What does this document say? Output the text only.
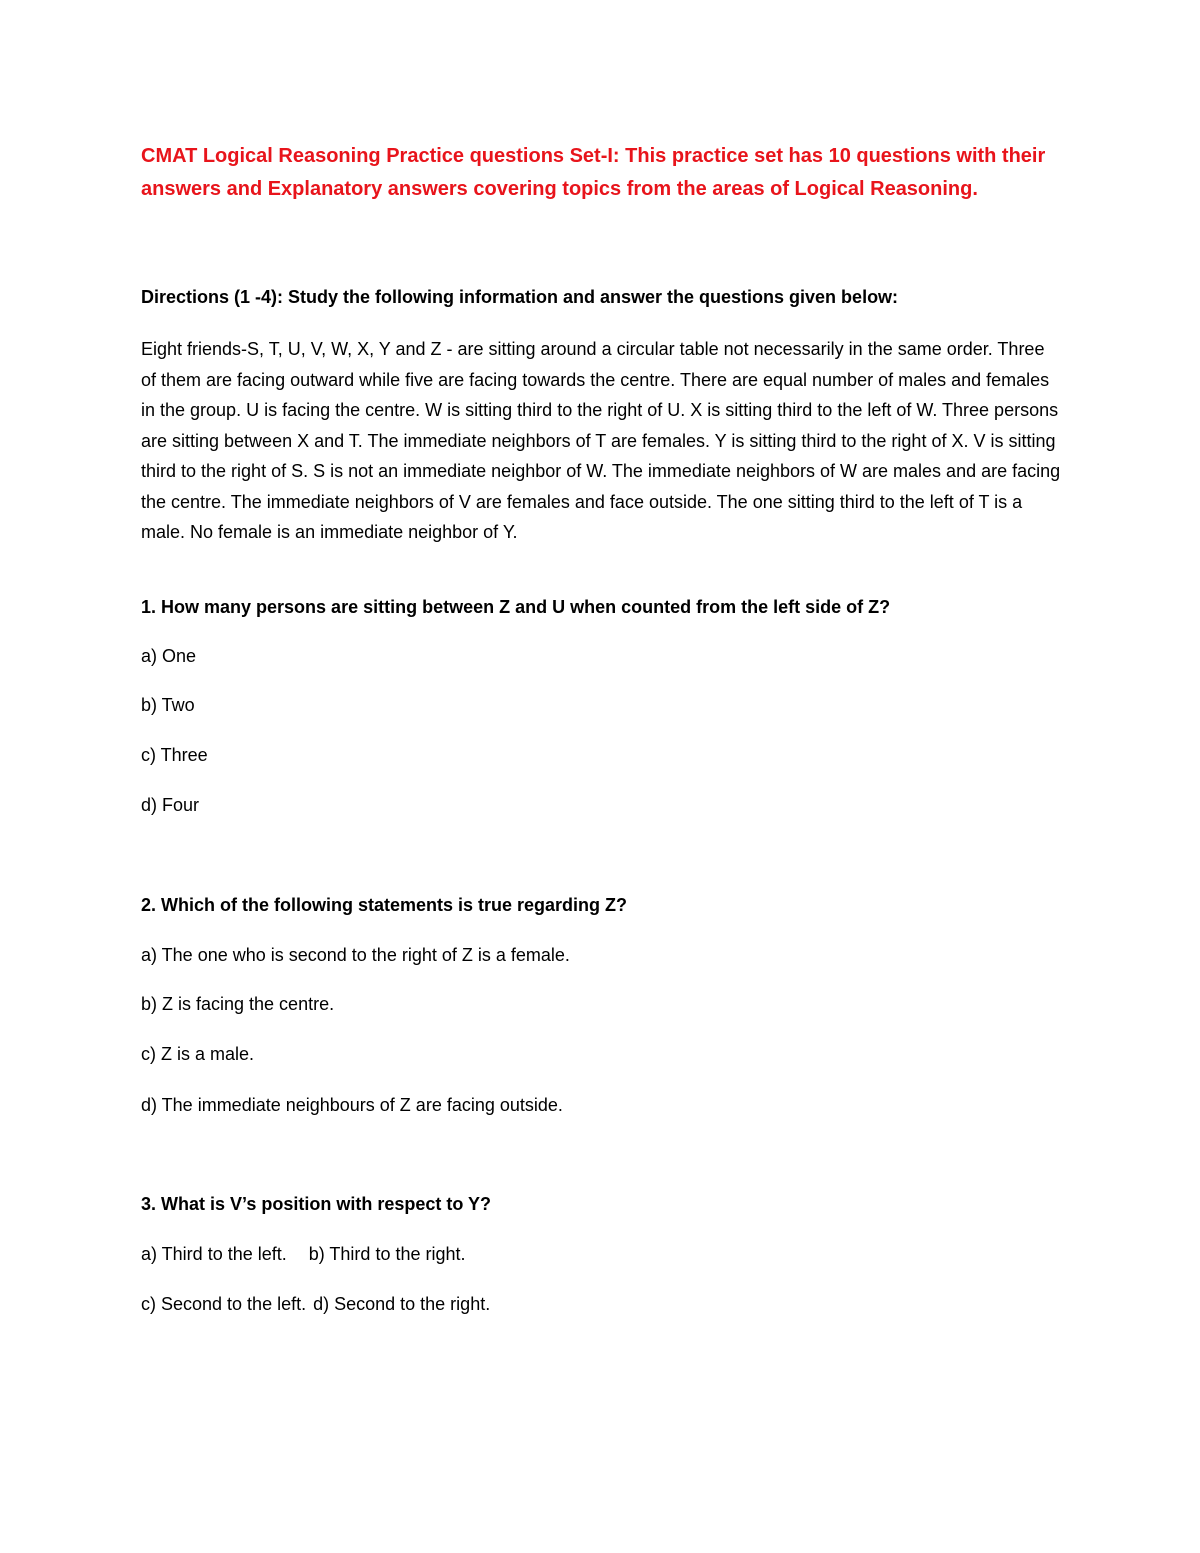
CMAT Logical Reasoning Practice questions Set-I: This practice set has 10 questions with their answers and Explanatory answers covering topics from the areas of Logical Reasoning.

Directions (1 -4): Study the following information and answer the questions given below:
Eight friends-S, T, U, V, W, X, Y and Z - are sitting around a circular table not necessarily in the same order. Three of them are facing outward while five are facing towards the centre. There are equal number of males and females in the group. U is facing the centre. W is sitting third to the right of U. X is sitting third to the left of W. Three persons are sitting between X and T. The immediate neighbors of T are females. Y is sitting third to the right of X. V is sitting third to the right of S. S is not an immediate neighbor of W. The immediate neighbors of W are males and are facing the centre. The immediate neighbors of V are females and face outside. The one sitting third to the left of T is a male. No female is an immediate neighbor of Y.
1. How many persons are sitting between Z and U when counted from the left side of Z?
a) One
b) Two
c) Three
d) Four
2. Which of the following statements is true regarding Z?
a) The one who is second to the right of Z is a female.
b) Z is facing the centre.
c) Z is a male.
d) The immediate neighbours of Z are facing outside.
3. What is V’s position with respect to Y?
a) Third to the left. b) Third to the right.
c) Second to the left. d) Second to the right.
